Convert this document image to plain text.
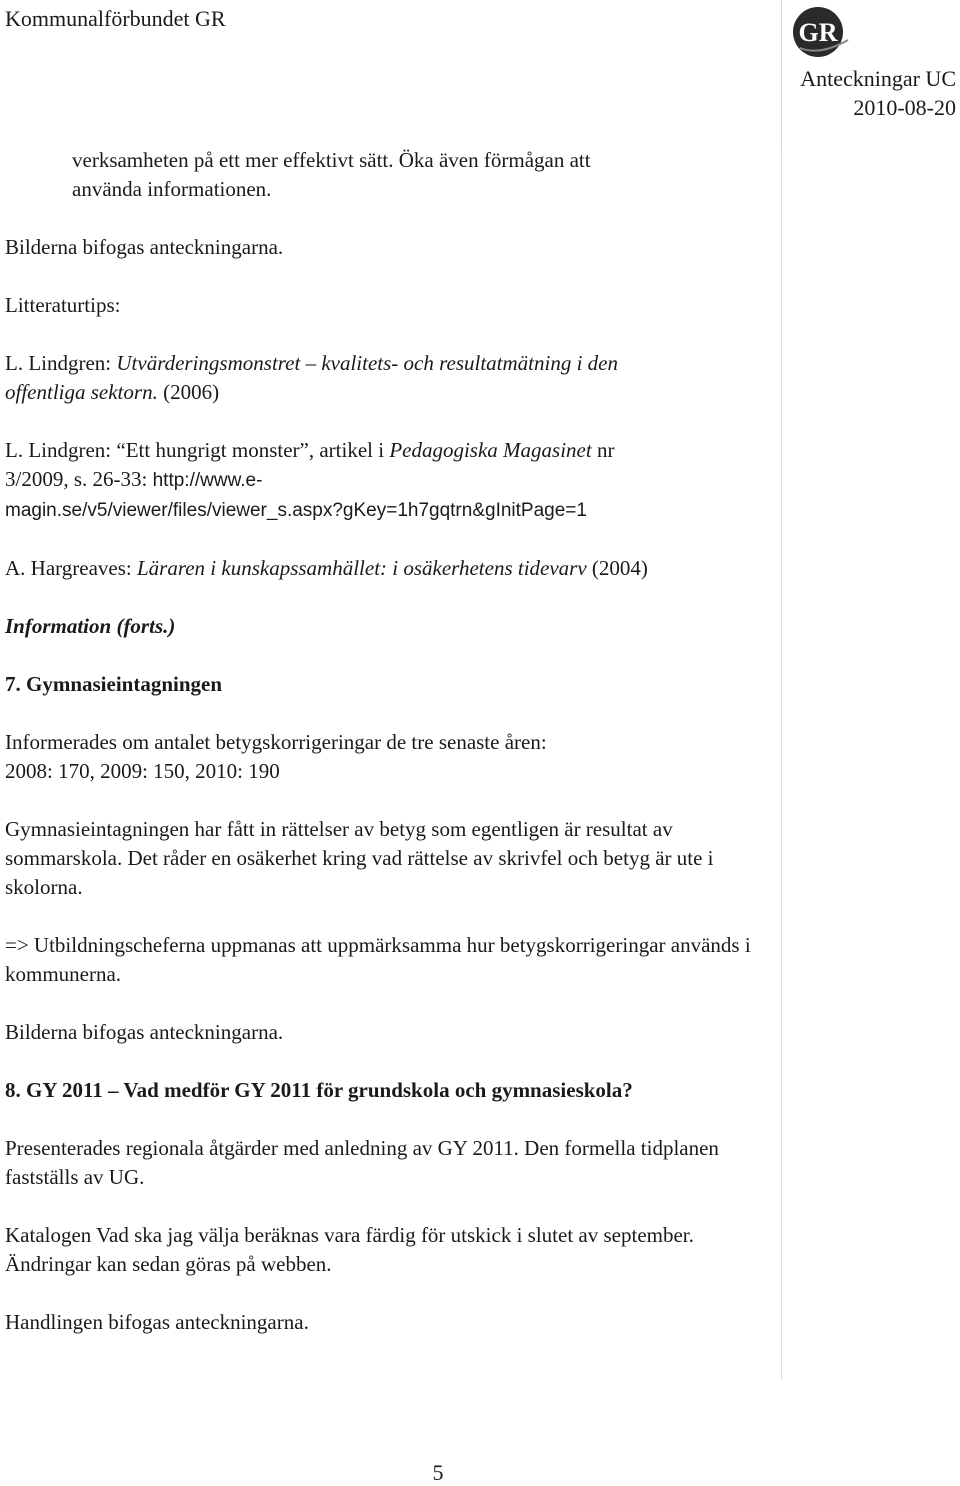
Kommunalförbundet GR	GR
Anteckningar UC
2010-08-20

verksamheten på ett mer effektivt sätt. Öka även förmågan att
använda informationen.

Bilderna bifogas anteckningarna.

Litteraturtips:

L. Lindgren: Utvärderingsmonstret – kvalitets- och resultatmätning i den
offentliga sektorn. (2006)

L. Lindgren: “Ett hungrigt monster”, artikel i Pedagogiska Magasinet nr
3/2009, s. 26-33: http://www.e-
magin.se/v5/viewer/files/viewer_s.aspx?gKey=1h7gqtrn&gInitPage=1

A. Hargreaves: Läraren i kunskapssamhället: i osäkerhetens tidevarv (2004)

Information (forts.)

7. Gymnasieintagningen

Informerades om antalet betygskorrigeringar de tre senaste åren:
2008: 170, 2009: 150, 2010: 190

Gymnasieintagningen har fått in rättelser av betyg som egentligen är resultat av sommarskola. Det råder en osäkerhet kring vad rättelse av skrivfel och betyg är ute i skolorna.

=> Utbildningscheferna uppmanas att uppmärksamma hur betygskorrigeringar används i kommunerna.

Bilderna bifogas anteckningarna.

8. GY 2011 – Vad medför GY 2011 för grundskola och gymnasieskola?

Presenterades regionala åtgärder med anledning av GY 2011. Den formella tidplanen fastställs av UG.

Katalogen Vad ska jag välja beräknas vara färdig för utskick i slutet av september. Ändringar kan sedan göras på webben.

Handlingen bifogas anteckningarna.

5
